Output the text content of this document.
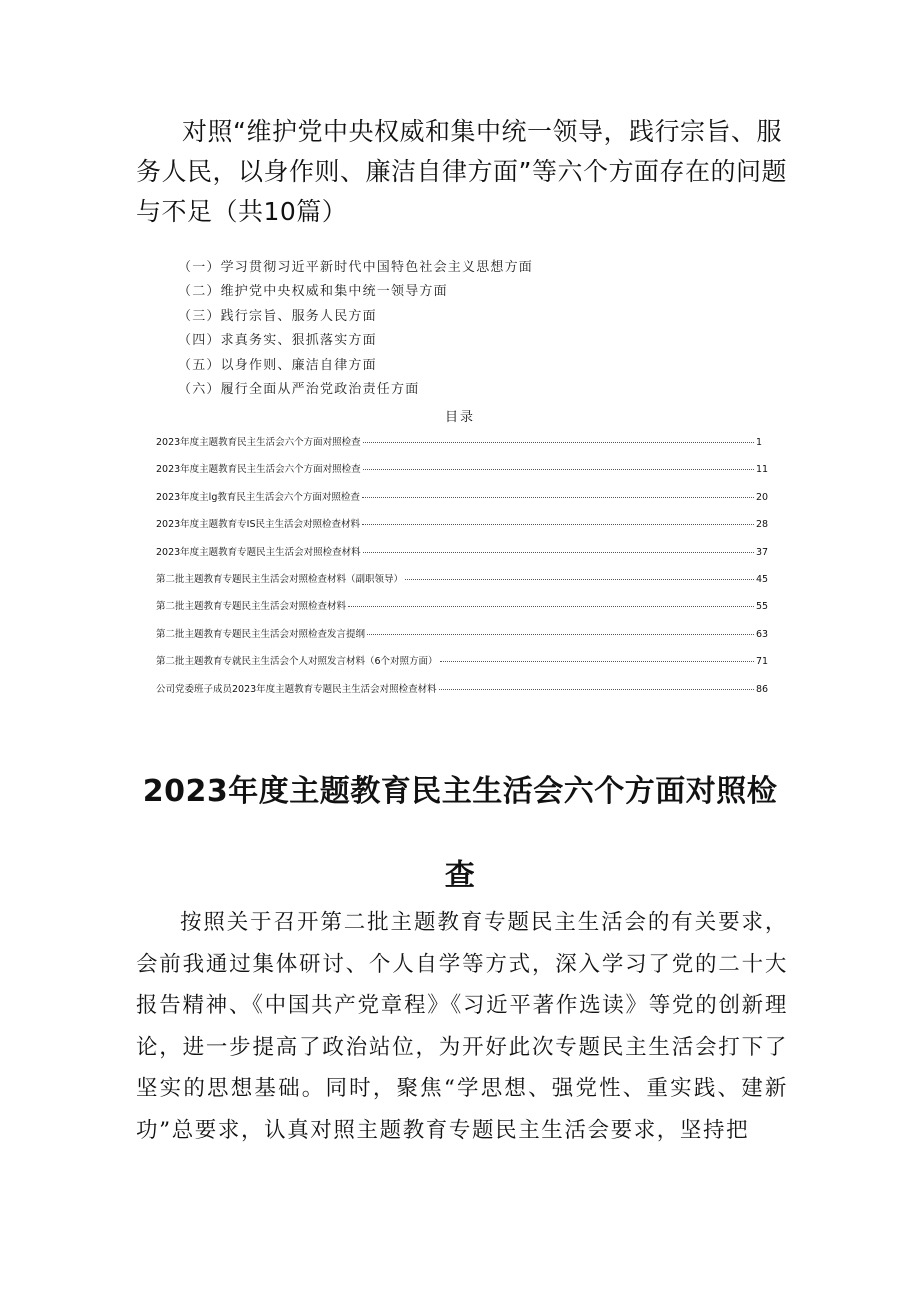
对照“维护党中央权威和集中统一领导，践行宗旨、服务人民，以身作则、廉洁自律方面”等六个方面存在的问题与不足（共10篇）

（一）学习贯彻习近平新时代中国特色社会主义思想方面
（二）维护党中央权威和集中统一领导方面
（三）践行宗旨、服务人民方面
（四）求真务实、狠抓落实方面
（五）以身作则、廉洁自律方面
（六）履行全面从严治党政治责任方面

目录

2023年度主题教育民主生活会六个方面对照检查	1
2023年度主题教育民主生活会六个方面对照检查	11
2023年度主lg教育民主生活会六个方面对照检查	20
2023年度主题教育专IS民主生活会对照检查材料	28
2023年度主题教育专题民主生活会对照检查材料	37
第二批主题教育专题民主生活会对照检查材料（副职领导）	45
第二批主题教育专题民主生活会对照检查材料	55
第二批主题教育专题民主生活会对照检查发言提纲	63
第二批主题教育专就民主生活会个人对照发言材料（6个对照方面）	71
公司党委班子成员2023年度主题教育专题民主生活会对照检查材料	86
2023年度主题教育民主生活会六个方面对照检查

按照关于召开第二批主题教育专题民主生活会的有关要求，会前我通过集体研讨、个人自学等方式，深入学习了党的二十大报告精神、《中国共产党章程》《习近平著作选读》等党的创新理论，进一步提高了政治站位，为开好此次专题民主生活会打下了坚实的思想基础。同时，聚焦“学思想、强党性、重实践、建新功”总要求，认真对照主题教育专题民主生活会要求，坚持把
